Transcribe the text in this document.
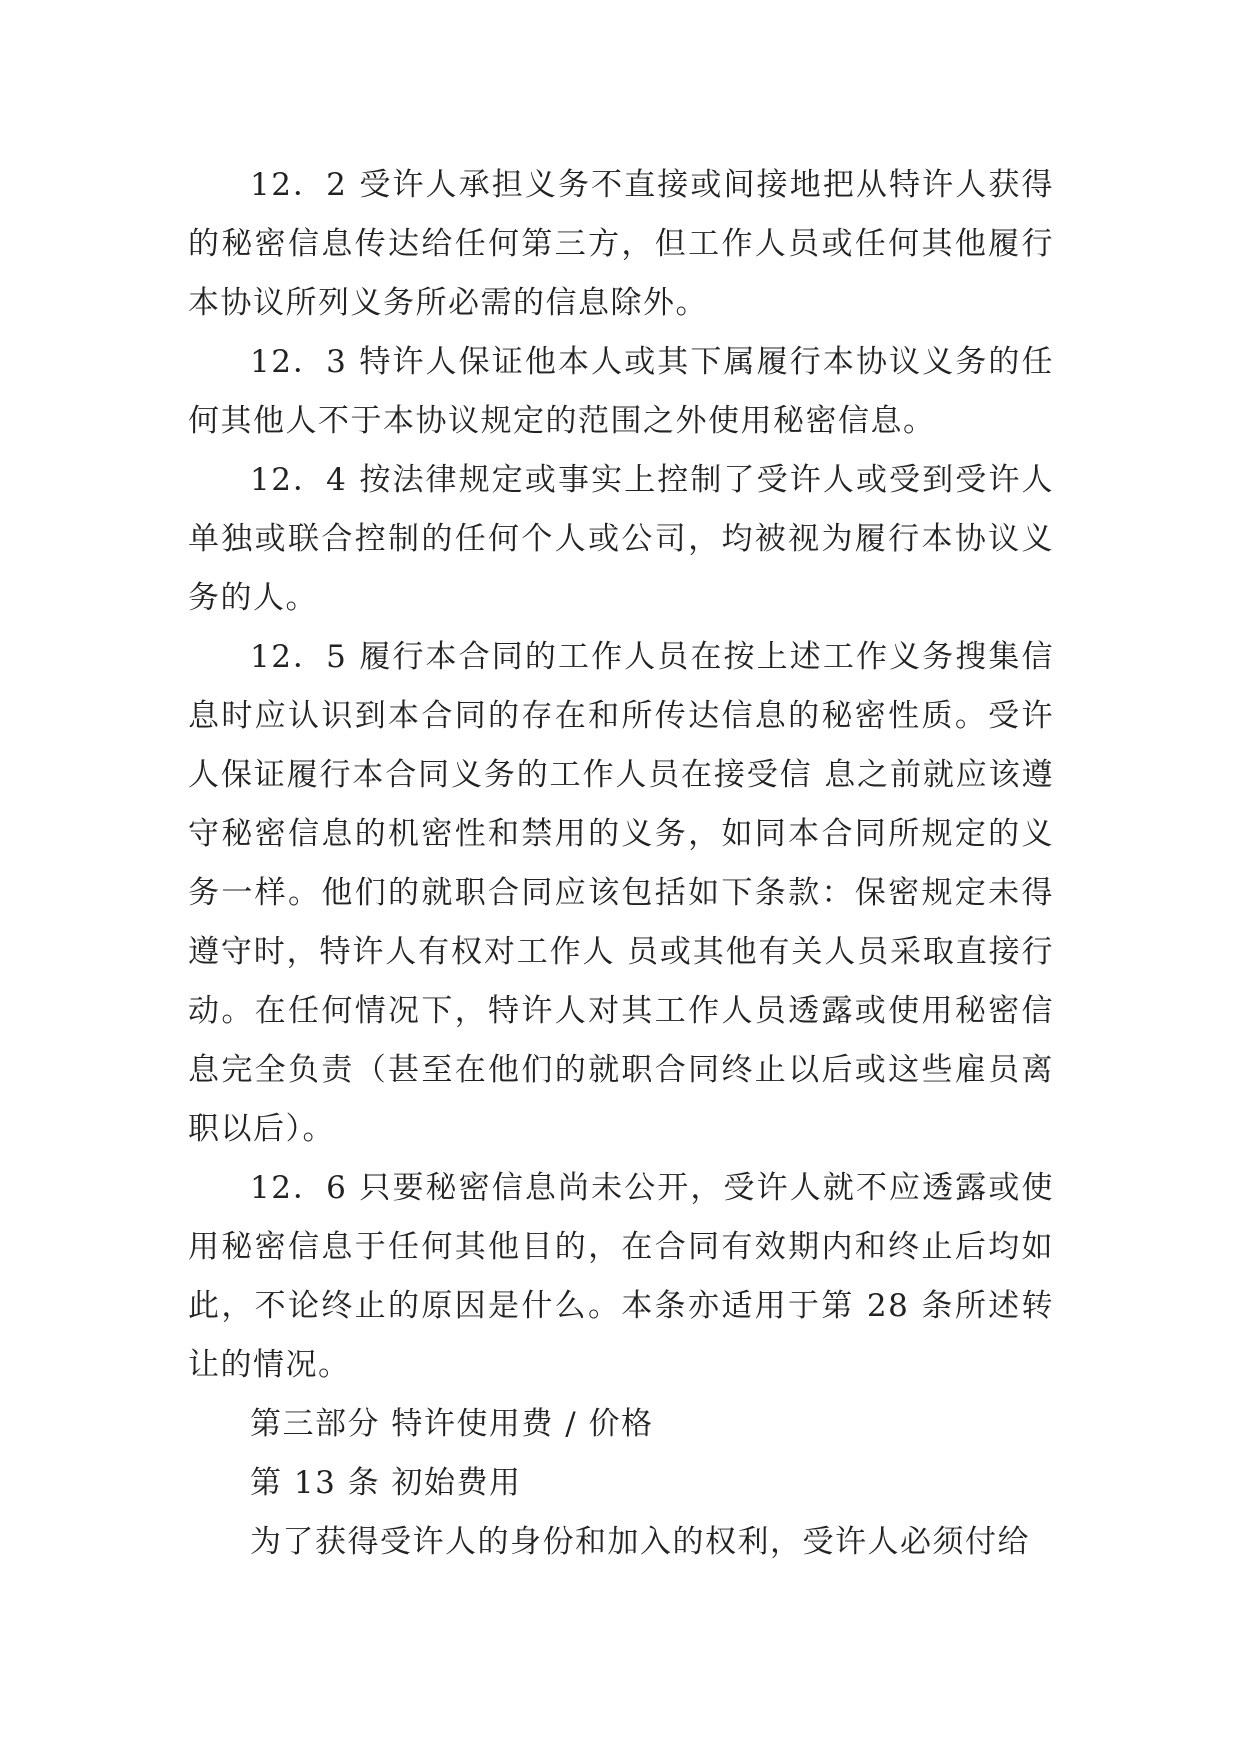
12．2 受许人承担义务不直接或间接地把从特许人获得的秘密信息传达给任何第三方，但工作人员或任何其他履行本协议所列义务所必需的信息除外。

12．3 特许人保证他本人或其下属履行本协议义务的任何其他人不于本协议规定的范围之外使用秘密信息。

12．4 按法律规定或事实上控制了受许人或受到受许人单独或联合控制的任何个人或公司，均被视为履行本协议义务的人。

12．5 履行本合同的工作人员在按上述工作义务搜集信息时应认识到本合同的存在和所传达信息的秘密性质。受许人保证履行本合同义务的工作人员在接受信 息之前就应该遵守秘密信息的机密性和禁用的义务，如同本合同所规定的义务一样。他们的就职合同应该包括如下条款：保密规定未得遵守时，特许人有权对工作人 员或其他有关人员采取直接行动。在任何情况下，特许人对其工作人员透露或使用秘密信息完全负责（甚至在他们的就职合同终止以后或这些雇员离职以后）。

12．6 只要秘密信息尚未公开，受许人就不应透露或使用秘密信息于任何其他目的，在合同有效期内和终止后均如此，不论终止的原因是什么。本条亦适用于第 28 条所述转让的情况。

第三部分 特许使用费 / 价格

第 13 条 初始费用

为了获得受许人的身份和加入的权利，受许人必须付给
